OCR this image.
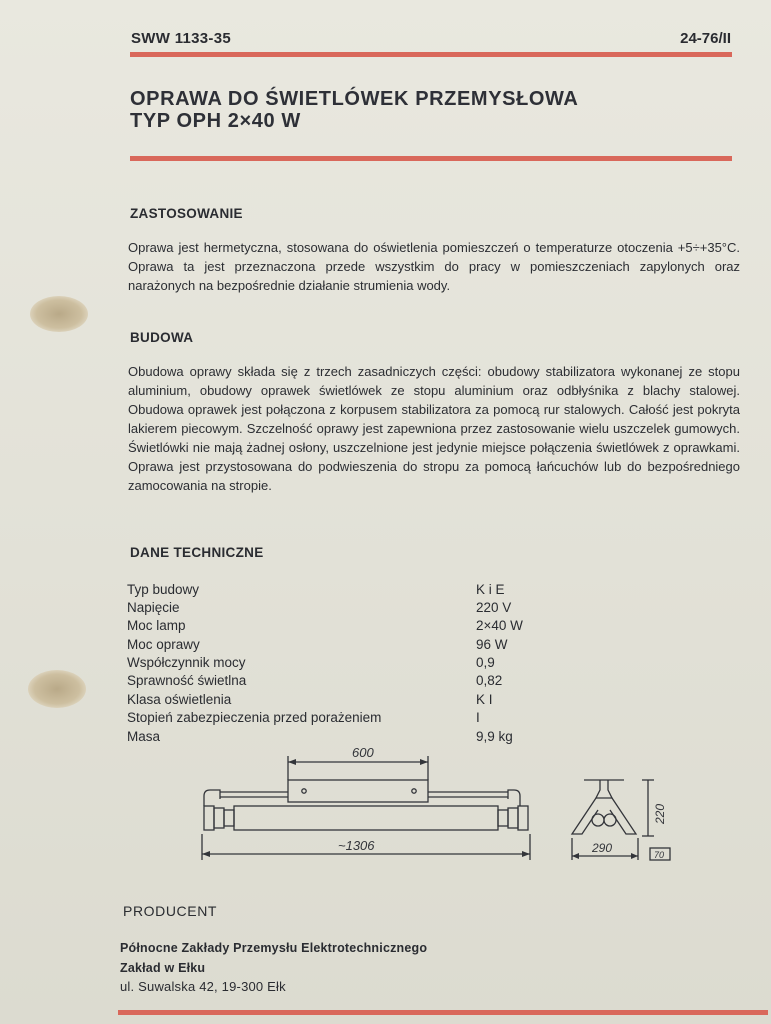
SWW 1133-35	24-76/II
OPRAWA DO ŚWIETLÓWEK PRZEMYSŁOWA
TYP OPH 2×40 W
ZASTOSOWANIE
Oprawa jest hermetyczna, stosowana do oświetlenia pomieszczeń o temperaturze otoczenia +5÷+35°C. Oprawa ta jest przeznaczona przede wszystkim do pracy w pomieszczeniach zapylonych oraz narażonych na bezpośrednie działanie strumienia wody.
BUDOWA
Obudowa oprawy składa się z trzech zasadniczych części: obudowy stabilizatora wykonanej ze stopu aluminium, obudowy oprawek świetlówek ze stopu aluminium oraz odbłyśnika z blachy stalowej. Obudowa oprawek jest połączona z korpusem stabilizatora za pomocą rur stalowych. Całość jest pokryta lakierem piecowym. Szczelność oprawy jest zapewniona przez zastosowanie wielu uszczelek gumowych. Świetlówki nie mają żadnej osłony, uszczelnione jest jedynie miejsce połączenia świetlówek z oprawkami. Oprawa jest przystosowana do podwieszenia do stropu za pomocą łańcuchów lub do bezpośredniego zamocowania na stropie.
DANE TECHNICZNE
Typ budowy	K i E
Napięcie	220 V
Moc lamp	2×40 W
Moc oprawy	96 W
Współczynnik mocy	0,9
Sprawność świetlna	0,82
Klasa oświetlenia	K I
Stopień zabezpieczenia przed porażeniem	I
Masa	9,9 kg
600
~1306
220
290	70
PRODUCENT
Północne Zakłady Przemysłu Elektrotechnicznego
Zakład w Ełku
ul. Suwalska 42, 19-300 Ełk
